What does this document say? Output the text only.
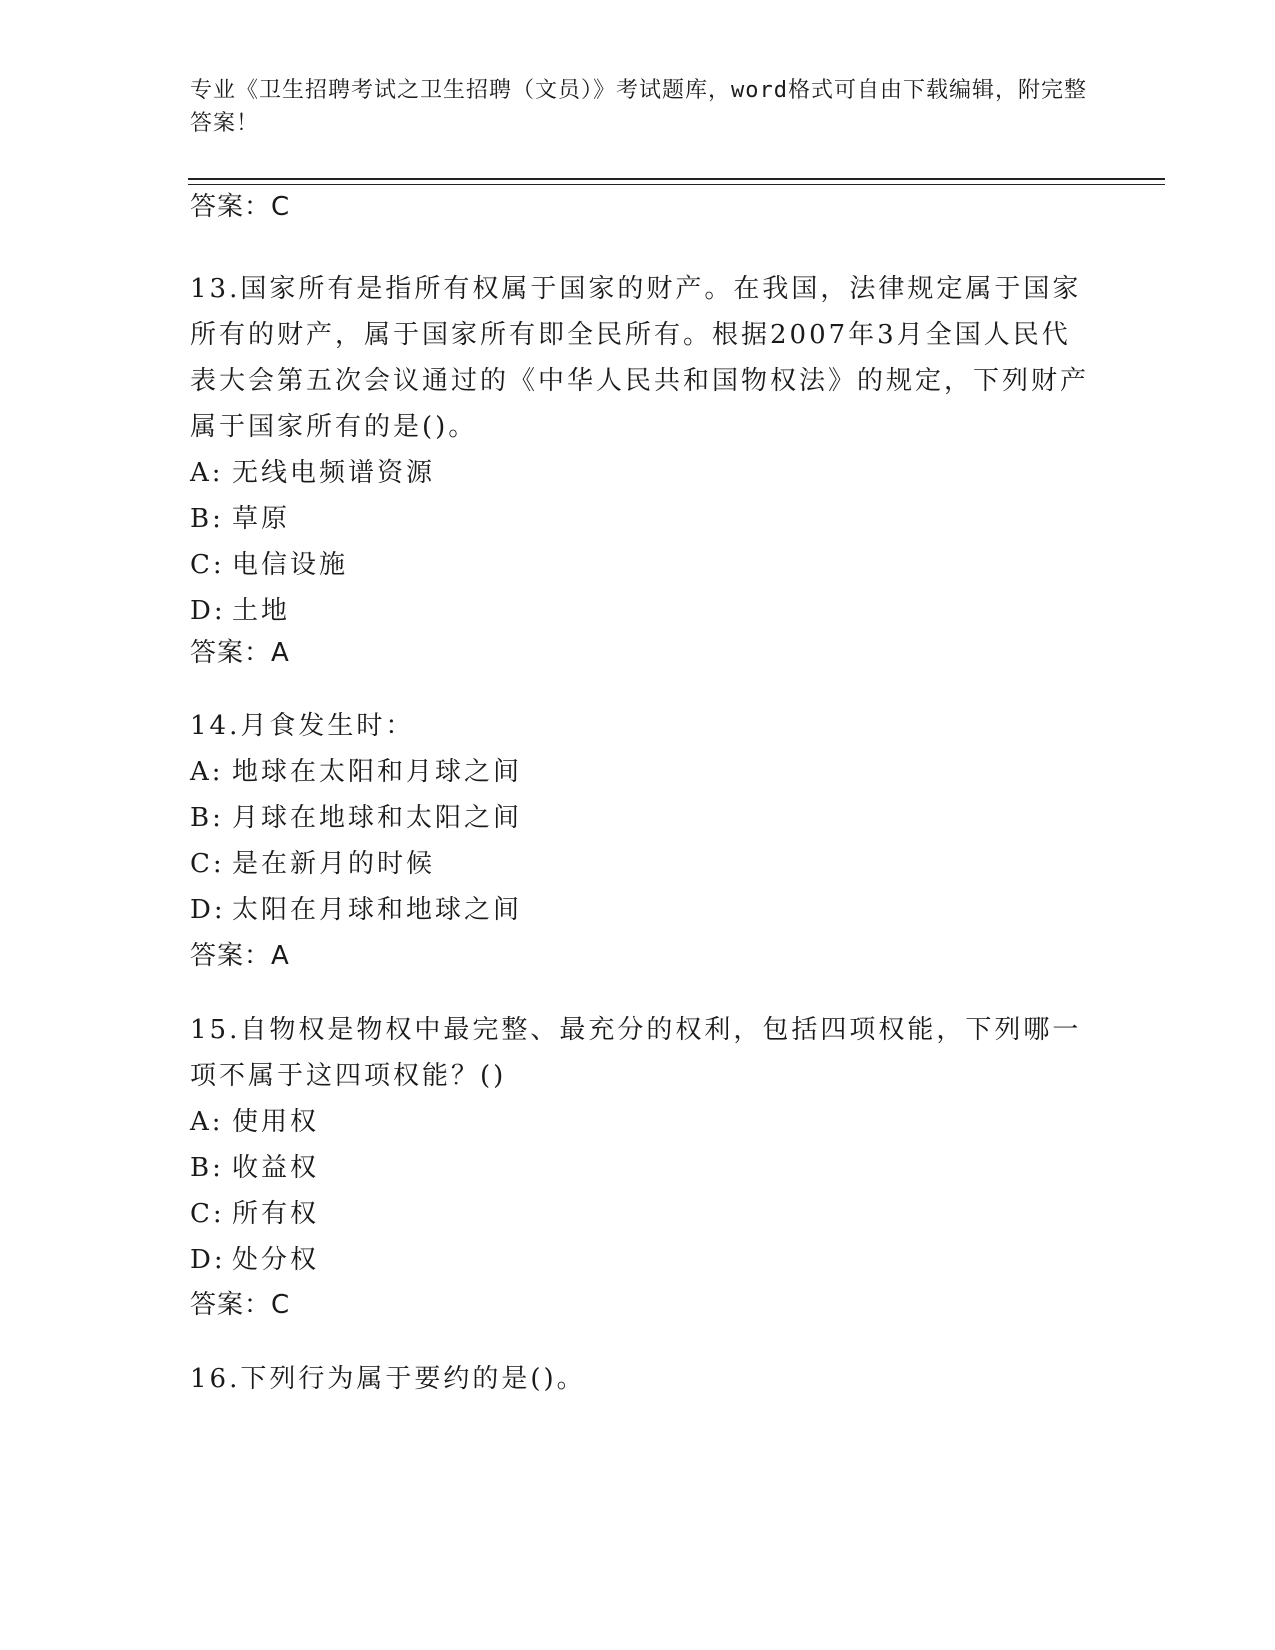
专业《卫生招聘考试之卫生招聘（文员）》考试题库，word格式可自由下载编辑，附完整答案！
答案：C
13.国家所有是指所有权属于国家的财产。在我国，法律规定属于国家所有的财产，属于国家所有即全民所有。根据2007年3月全国人民代表大会第五次会议通过的《中华人民共和国物权法》的规定，下列财产属于国家所有的是()。
A: 无线电频谱资源
B: 草原
C: 电信设施
D: 土地
答案：A
14.月食发生时：
A: 地球在太阳和月球之间
B: 月球在地球和太阳之间
C: 是在新月的时候
D: 太阳在月球和地球之间
答案：A
15.自物权是物权中最完整、最充分的权利，包括四项权能，下列哪一项不属于这四项权能？()
A: 使用权
B: 收益权
C: 所有权
D: 处分权
答案：C
16.下列行为属于要约的是()。
